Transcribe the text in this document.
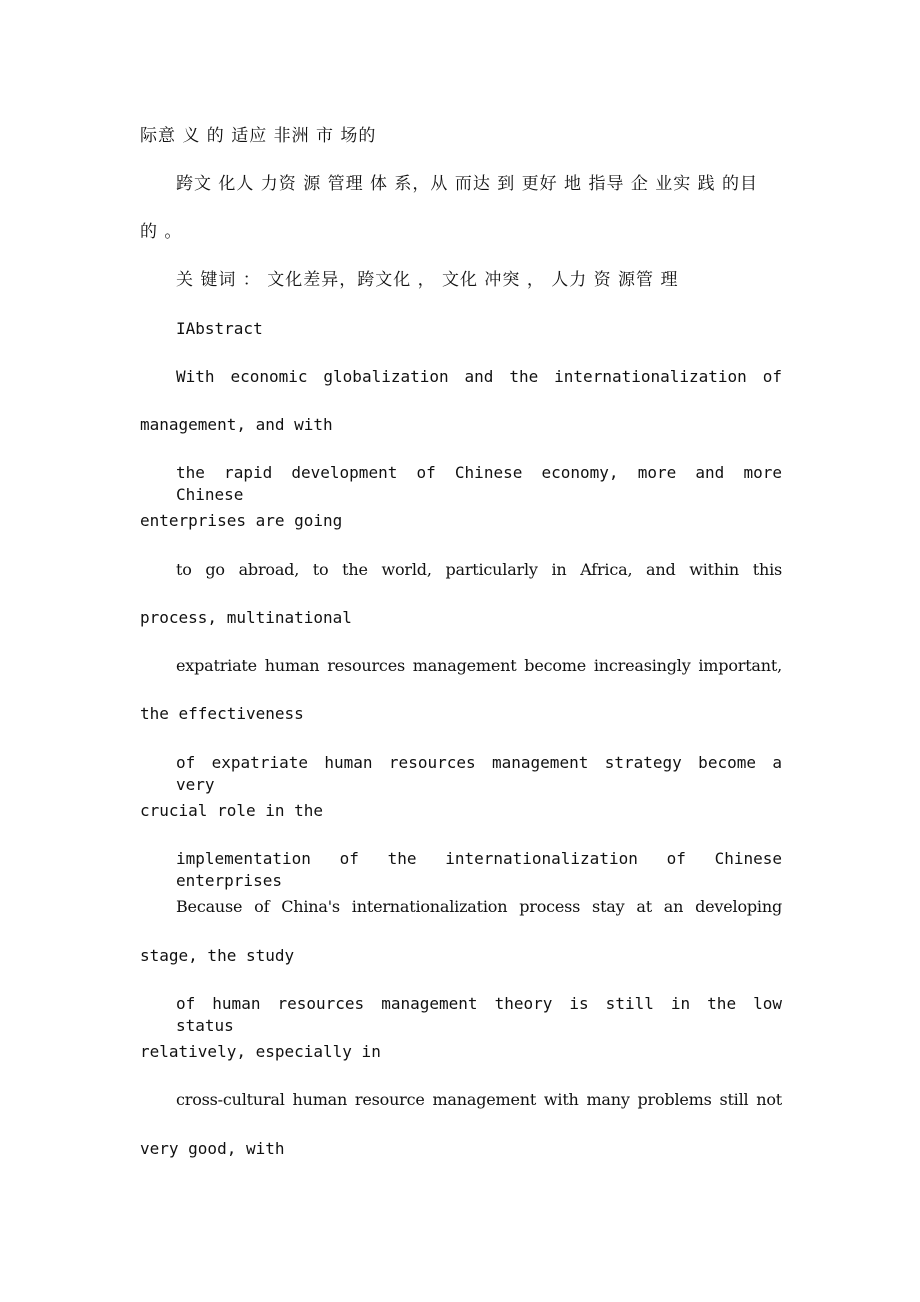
际意 义 的 适应 非洲 市 场的
跨文 化人 力资 源 管理 体 系，从 而达 到 更好 地 指导 企 业实 践 的目
的 。
关 键词 ： 文化差异，跨文化 ， 文化 冲突 ， 人力 资 源管 理
IAbstract
With economic globalization and the internationalization of
management, and with
the rapid development of Chinese economy, more and more Chinese
enterprises are going
to go abroad, to the world, particularly in Africa, and within this
process, multinational
expatriate human resources management become increasingly important,
the effectiveness
of expatriate human resources management strategy become a very
crucial role in the
implementation of the internationalization of Chinese enterprises
Because of China's internationalization process stay at an developing
stage, the study
of human resources management theory is still in the low status
relatively, especially in
cross-cultural human resource management with many problems still not
very good, with
